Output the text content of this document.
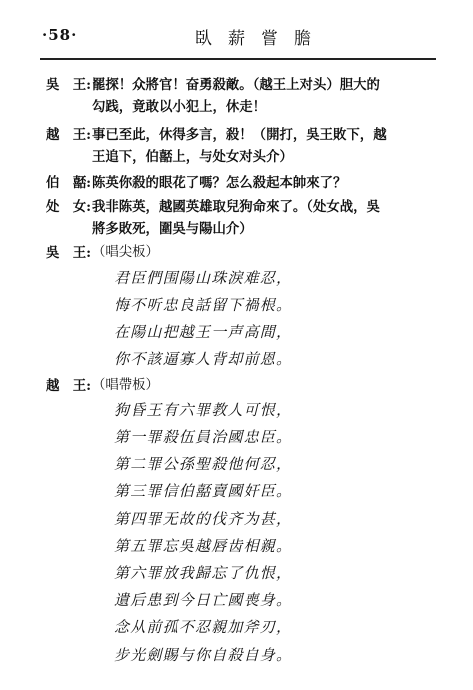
·58·	臥薪嘗膽
吳　王: 罷探！众將官！奋勇殺敵。（越王上对头）胆大的
勾践，竟敢以小犯上，休走！
越　王: 事已至此，休得多言，殺！（開打，吳王敗下，越
王追下，伯嚭上，与处女对头介）
伯　嚭: 陈英你殺的眼花了嗎？怎么殺起本帥來了？
处　女: 我非陈英，越國英雄取兒狗命來了。（处女战，吳
將多敗死，圍吳与陽山介）
吳　王: （唱尖板）
君臣們围陽山珠淚难忍，
悔不听忠良話留下禍根。
在陽山把越王一声高間，
你不該逼寡人背却前恩。
越　王: （唱帶板）
狗昏王有六罪教人可恨，
第一罪殺伍員治國忠臣。
第二罪公孫聖殺他何忍，
第三罪信伯嚭賣國奸臣。
第四罪无故的伐齐为甚，
第五罪忘吳越唇齿相親。
第六罪放我歸忘了仇恨，
遺后患到今日亡國喪身。
念从前孤不忍親加斧刃，
步光劍賜与你自殺自身。
